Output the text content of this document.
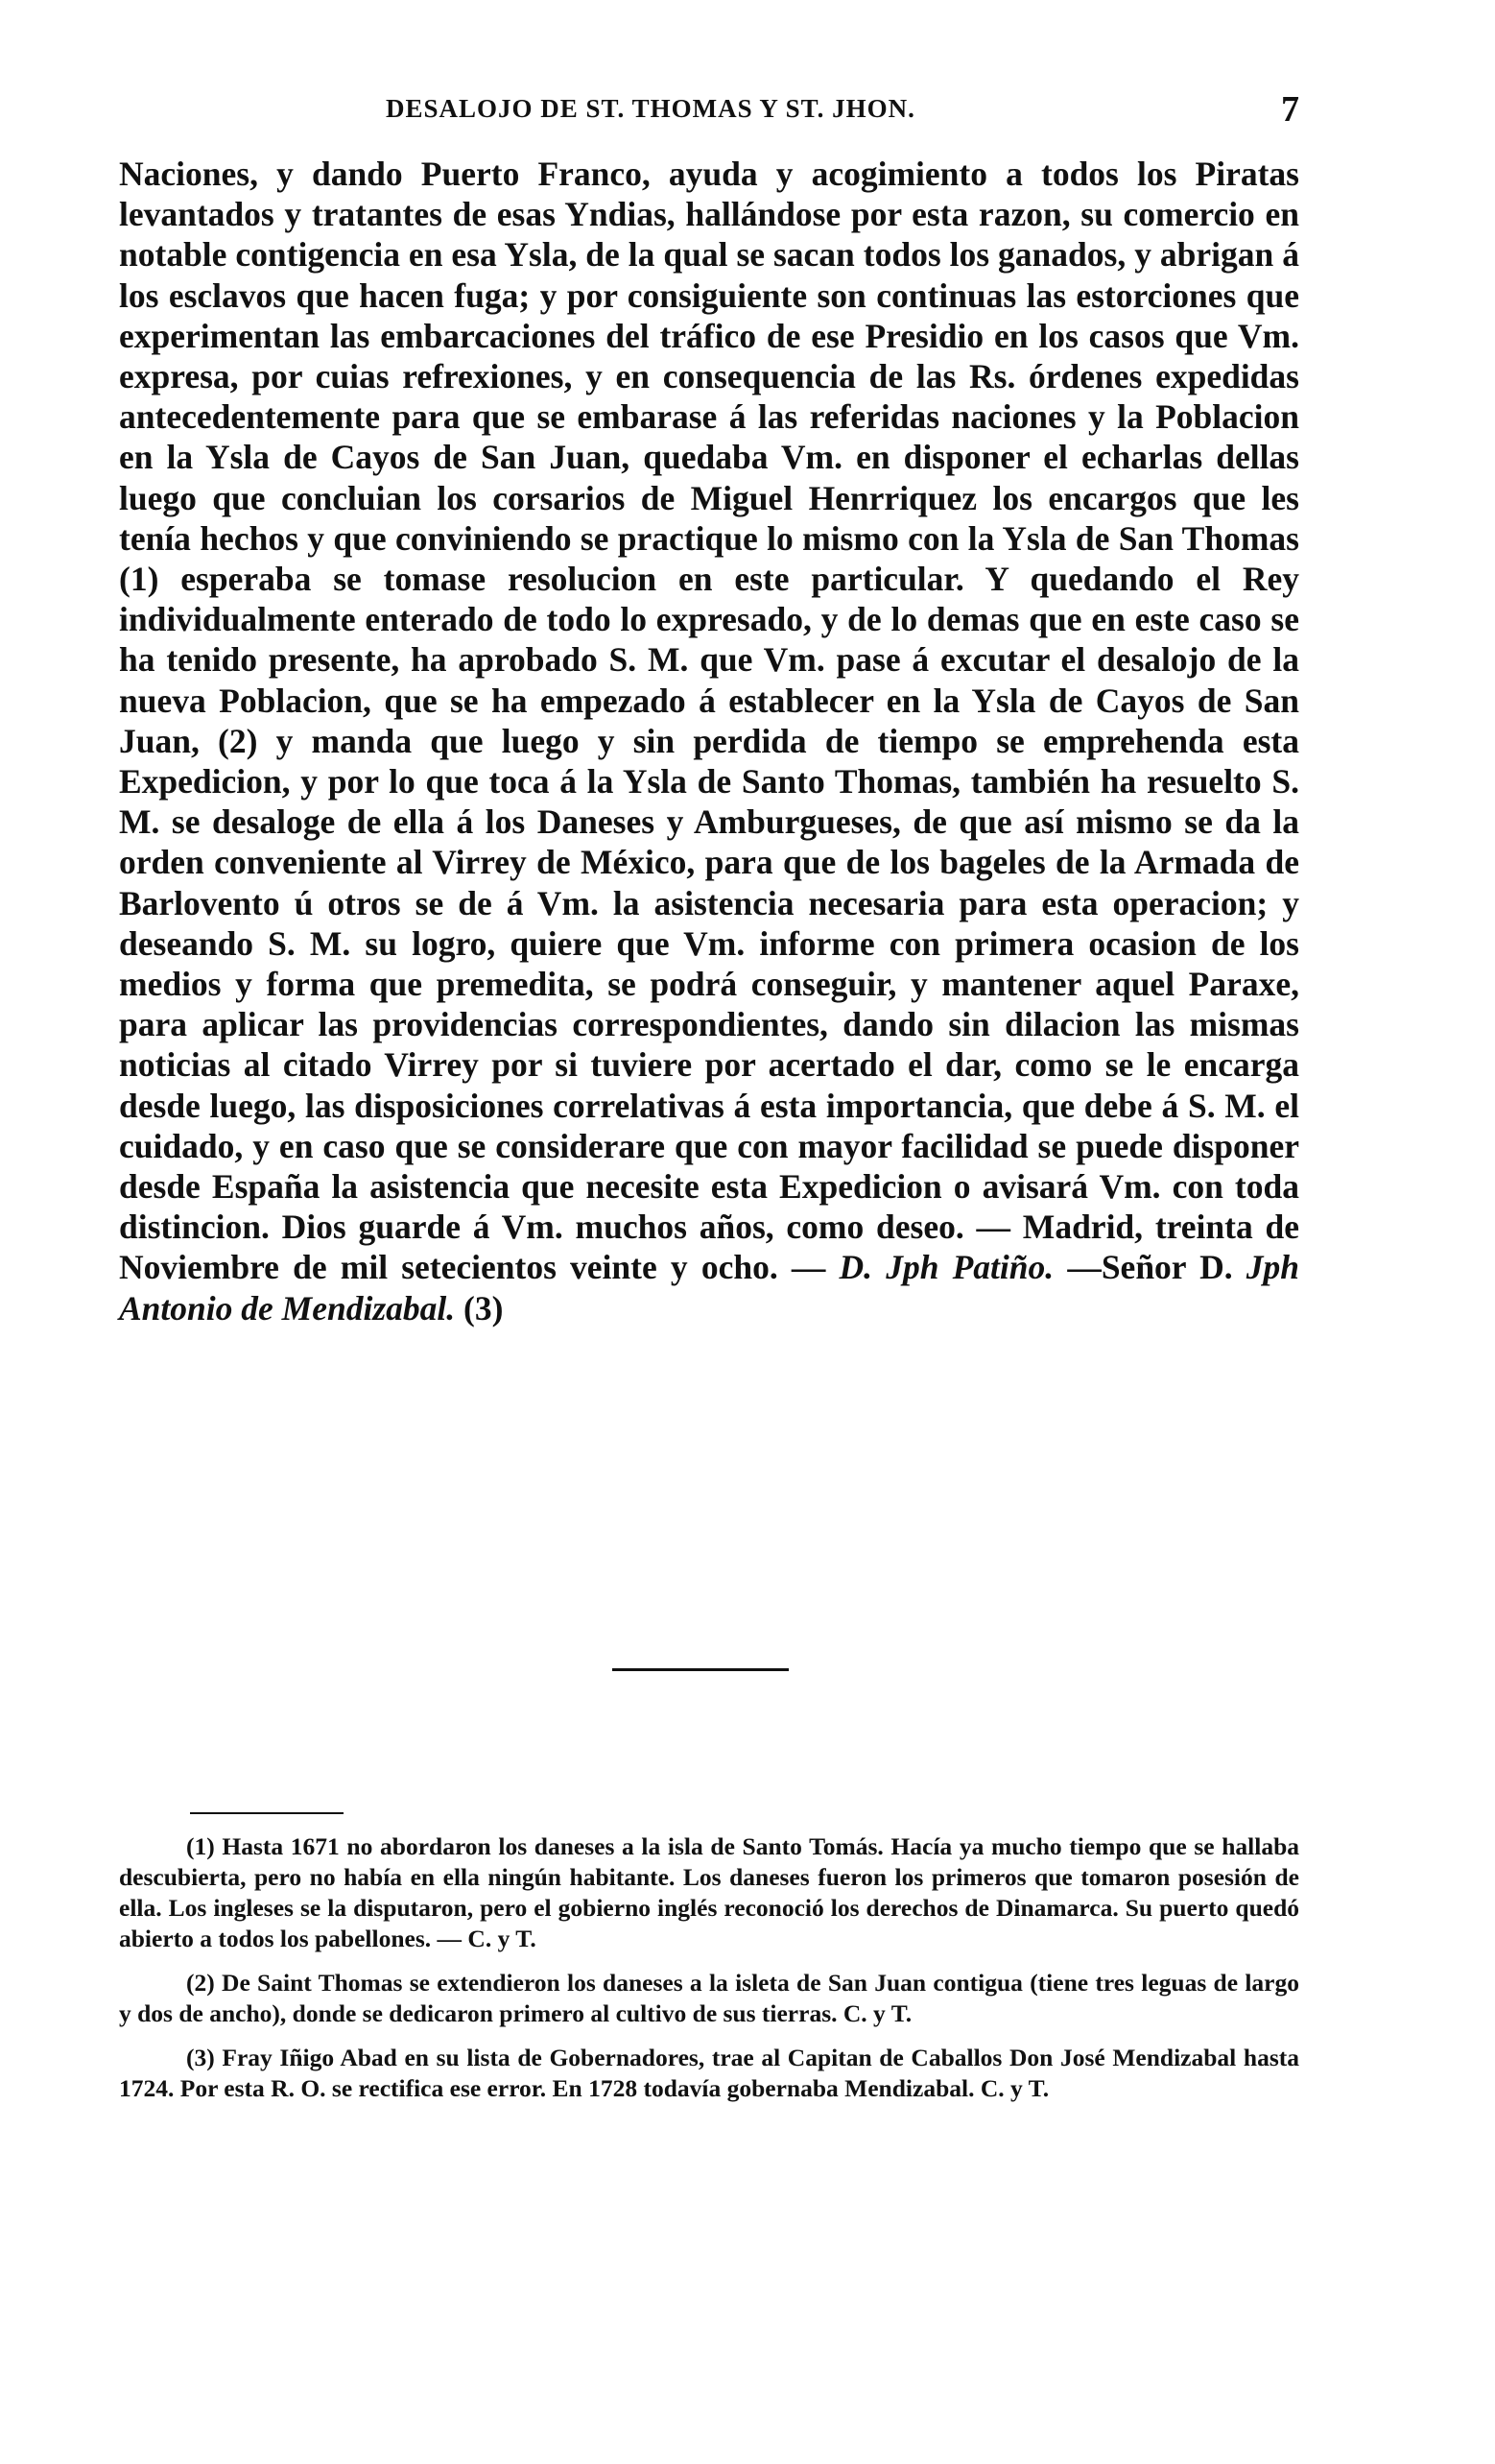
DESALOJO DE ST. THOMAS Y ST. JHON.	7

Naciones, y dando Puerto Franco, ayuda y acogimiento a todos los Piratas levantados y tratantes de esas Yndias, hallándose por esta razon, su comercio en notable contigencia en esa Ysla, de la qual se sacan todos los ganados, y abrigan á los esclavos que hacen fuga; y por consiguiente son continuas las estorciones que experimentan las embarcaciones del tráfico de ese Presidio en los casos que Vm. expresa, por cuias refrexiones, y en consequencia de las Rs. órdenes expedidas antecedentemente para que se embarase á las referidas naciones y la Poblacion en la Ysla de Cayos de San Juan, quedaba Vm. en disponer el echarlas dellas luego que concluian los corsarios de Miguel Henrriquez los encargos que les tenía hechos y que conviniendo se practique lo mismo con la Ysla de San Thomas (1) esperaba se tomase resolucion en este particular. Y quedando el Rey individualmente enterado de todo lo expresado, y de lo demas que en este caso se ha tenido presente, ha aprobado S. M. que Vm. pase á excutar el desalojo de la nueva Poblacion, que se ha empezado á establecer en la Ysla de Cayos de San Juan, (2) y manda que luego y sin perdida de tiempo se emprehenda esta Expedicion, y por lo que toca á la Ysla de Santo Thomas, también ha resuelto S. M. se desaloge de ella á los Daneses y Amburgueses, de que así mismo se da la orden conveniente al Virrey de México, para que de los bageles de la Armada de Barlovento ú otros se de á Vm. la asistencia necesaria para esta operacion; y deseando S. M. su logro, quiere que Vm. informe con primera ocasion de los medios y forma que premedita, se podrá conseguir, y mantener aquel Paraxe, para aplicar las providencias correspondientes, dando sin dilacion las mismas noticias al citado Virrey por si tuviere por acertado el dar, como se le encarga desde luego, las disposiciones correlativas á esta importancia, que debe á S. M. el cuidado, y en caso que se considerare que con mayor facilidad se puede disponer desde España la asistencia que necesite esta Expedicion o avisará Vm. con toda distincion. Dios guarde á Vm. muchos años, como deseo. — Madrid, treinta de Noviembre de mil setecientos veinte y ocho. — D. Jph Patiño. —Señor D. Jph Antonio de Mendizabal. (3)

(1) Hasta 1671 no abordaron los daneses a la isla de Santo Tomás. Hacía ya mucho tiempo que se hallaba descubierta, pero no había en ella ningún habitante. Los daneses fueron los primeros que tomaron posesión de ella. Los ingleses se la disputaron, pero el gobierno inglés reconoció los derechos de Dinamarca. Su puerto quedó abierto a todos los pabellones. — C. y T.

(2) De Saint Thomas se extendieron los daneses a la isleta de San Juan contigua (tiene tres leguas de largo y dos de ancho), donde se dedicaron primero al cultivo de sus tierras. C. y T.

(3) Fray Iñigo Abad en su lista de Gobernadores, trae al Capitan de Caballos Don José Mendizabal hasta 1724. Por esta R. O. se rectifica ese error. En 1728 todavía gobernaba Mendizabal. C. y T.
